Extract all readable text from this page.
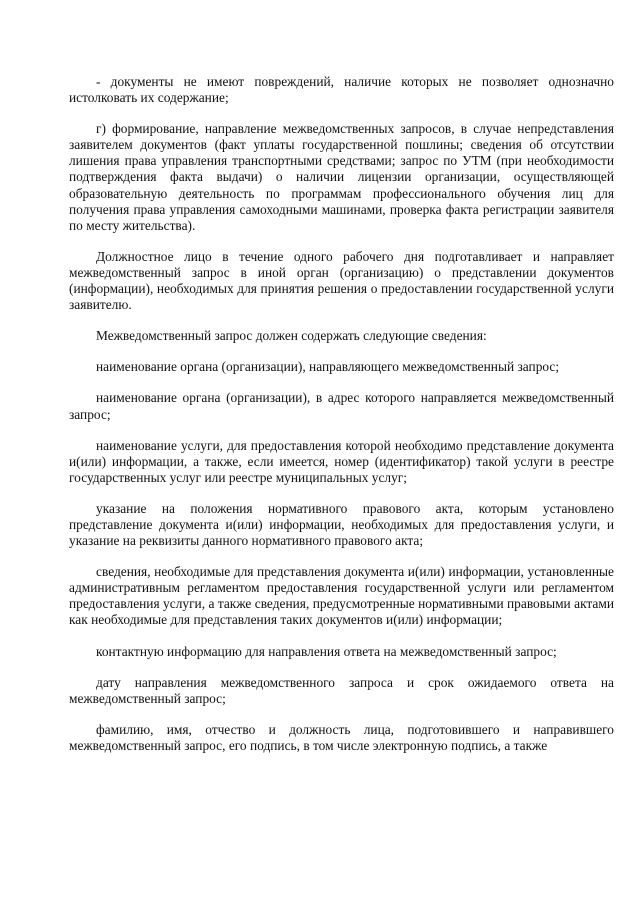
- документы не имеют повреждений, наличие которых не позволяет однозначно истолковать их содержание;

г) формирование, направление межведомственных запросов, в случае непредставления заявителем документов (факт уплаты государственной пошлины; сведения об отсутствии лишения права управления транспортными средствами; запрос по УТМ (при необходимости подтверждения факта выдачи) о наличии лицензии организации, осуществляющей образовательную деятельность по программам профессионального обучения лиц для получения права управления самоходными машинами, проверка факта регистрации заявителя по месту жительства).

Должностное лицо в течение одного рабочего дня подготавливает и направляет межведомственный запрос в иной орган (организацию) о представлении документов (информации), необходимых для принятия решения о предоставлении государственной услуги заявителю.

Межведомственный запрос должен содержать следующие сведения:

наименование органа (организации), направляющего межведомственный запрос;

наименование органа (организации), в адрес которого направляется межведомственный запрос;

наименование услуги, для предоставления которой необходимо представление документа и(или) информации, а также, если имеется, номер (идентификатор) такой услуги в реестре государственных услуг или реестре муниципальных услуг;

указание на положения нормативного правового акта, которым установлено представление документа и(или) информации, необходимых для предоставления услуги, и указание на реквизиты данного нормативного правового акта;

сведения, необходимые для представления документа и(или) информации, установленные административным регламентом предоставления государственной услуги или регламентом предоставления услуги, а также сведения, предусмотренные нормативными правовыми актами как необходимые для представления таких документов и(или) информации;

контактную информацию для направления ответа на межведомственный запрос;

дату направления межведомственного запроса и срок ожидаемого ответа на межведомственный запрос;

фамилию, имя, отчество и должность лица, подготовившего и направившего межведомственный запрос, его подпись, в том числе электронную подпись, а также
